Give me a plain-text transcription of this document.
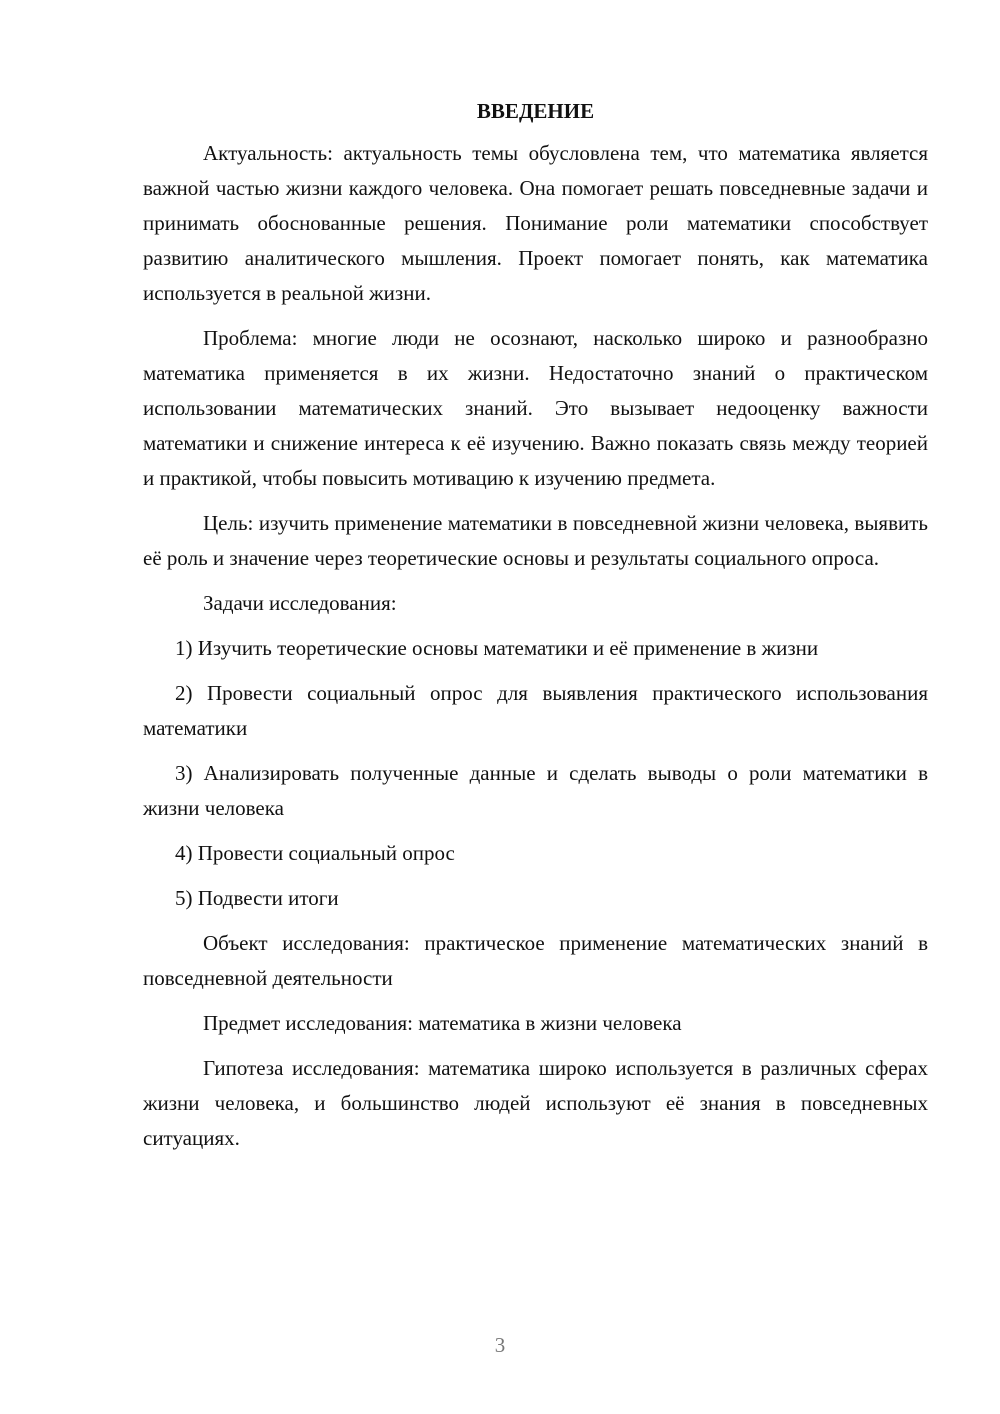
ВВЕДЕНИЕ

Актуальность: актуальность темы обусловлена тем, что математика является важной частью жизни каждого человека. Она помогает решать повседневные задачи и принимать обоснованные решения. Понимание роли математики способствует развитию аналитического мышления. Проект помогает понять, как математика используется в реальной жизни.

Проблема: многие люди не осознают, насколько широко и разнообразно математика применяется в их жизни. Недостаточно знаний о практическом использовании математических знаний. Это вызывает недооценку важности математики и снижение интереса к её изучению. Важно показать связь между теорией и практикой, чтобы повысить мотивацию к изучению предмета.

Цель: изучить применение математики в повседневной жизни человека, выявить её роль и значение через теоретические основы и результаты социального опроса.

Задачи исследования:

1) Изучить теоретические основы математики и её применение в жизни

2) Провести социальный опрос для выявления практического использования математики

3) Анализировать полученные данные и сделать выводы о роли математики в жизни человека

4) Провести социальный опрос

5) Подвести итоги

Объект исследования: практическое применение математических знаний в повседневной деятельности

Предмет исследования: математика в жизни человека

Гипотеза исследования: математика широко используется в различных сферах жизни человека, и большинство людей используют её знания в повседневных ситуациях.

3
